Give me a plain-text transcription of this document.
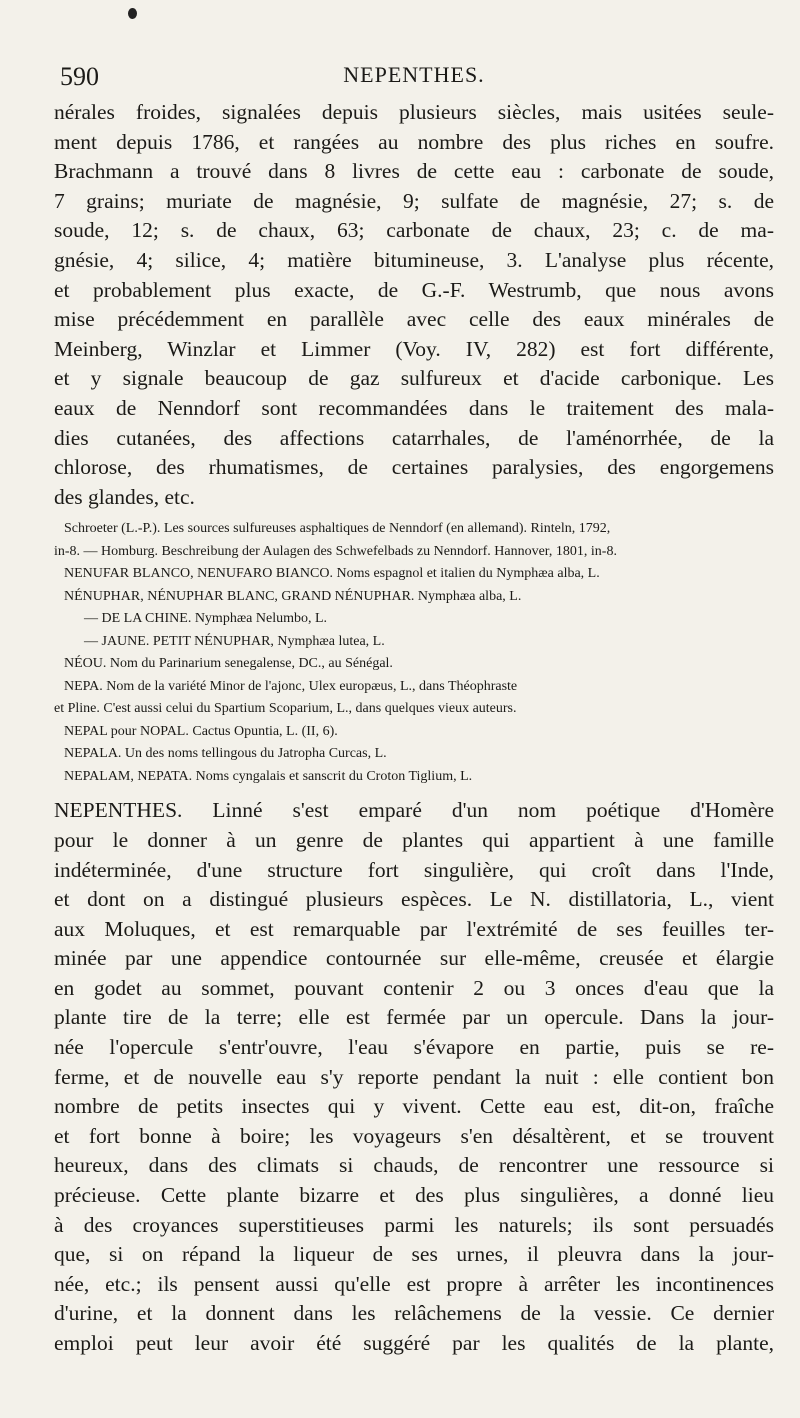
590	NEPENTHES.
nérales froides, signalées depuis plusieurs siècles, mais usitées seule-
ment depuis 1786, et rangées au nombre des plus riches en soufre.
Brachmann a trouvé dans 8 livres de cette eau : carbonate de soude,
7 grains; muriate de magnésie, 9; sulfate de magnésie, 27; s. de
soude, 12; s. de chaux, 63; carbonate de chaux, 23; c. de ma-
gnésie, 4; silice, 4; matière bitumineuse, 3. L'analyse plus récente,
et probablement plus exacte, de G.-F. Westrumb, que nous avons
mise précédemment en parallèle avec celle des eaux minérales de
Meinberg, Winzlar et Limmer (Voy. IV, 282) est fort différente,
et y signale beaucoup de gaz sulfureux et d'acide carbonique. Les
eaux de Nenndorf sont recommandées dans le traitement des mala-
dies cutanées, des affections catarrhales, de l'aménorrhée, de la
chlorose, des rhumatismes, de certaines paralysies, des engorgemens
des glandes, etc.
Schroeter (L.-P.). Les sources sulfureuses asphaltiques de Nenndorf (en allemand). Rinteln, 1792,
in-8. — Homburg. Beschreibung der Aulagen des Schwefelbads zu Nenndorf. Hannover, 1801, in-8.
NENUFAR BLANCO, NENUFARO BIANCO. Noms espagnol et italien du Nymphæa alba, L.
NÉNUPHAR, NÉNUPHAR BLANC, GRAND NÉNUPHAR. Nymphæa alba, L.
— DE LA CHINE. Nymphæa Nelumbo, L.
— JAUNE. PETIT NÉNUPHAR, Nymphæa lutea, L.
NÉOU. Nom du Parinarium senegalense, DC., au Sénégal.
NEPA. Nom de la variété Minor de l'ajonc, Ulex europæus, L., dans Théophraste
et Pline. C'est aussi celui du Spartium Scoparium, L., dans quelques vieux auteurs.
NEPAL pour NOPAL. Cactus Opuntia, L. (II, 6).
NEPALA. Un des noms tellingous du Jatropha Curcas, L.
NEPALAM, NEPATA. Noms cyngalais et sanscrit du Croton Tiglium, L.
NEPENTHES. Linné s'est emparé d'un nom poétique d'Homère
pour le donner à un genre de plantes qui appartient à une famille
indéterminée, d'une structure fort singulière, qui croît dans l'Inde,
et dont on a distingué plusieurs espèces. Le N. distillatoria, L., vient
aux Moluques, et est remarquable par l'extrémité de ses feuilles ter-
minée par une appendice contournée sur elle-même, creusée et élargie
en godet au sommet, pouvant contenir 2 ou 3 onces d'eau que la
plante tire de la terre; elle est fermée par un opercule. Dans la jour-
née l'opercule s'entr'ouvre, l'eau s'évapore en partie, puis se re-
ferme, et de nouvelle eau s'y reporte pendant la nuit : elle contient bon
nombre de petits insectes qui y vivent. Cette eau est, dit-on, fraîche
et fort bonne à boire; les voyageurs s'en désaltèrent, et se trouvent
heureux, dans des climats si chauds, de rencontrer une ressource si
précieuse. Cette plante bizarre et des plus singulières, a donné lieu
à des croyances superstitieuses parmi les naturels; ils sont persuadés
que, si on répand la liqueur de ses urnes, il pleuvra dans la jour-
née, etc.; ils pensent aussi qu'elle est propre à arrêter les incontinences
d'urine, et la donnent dans les relâchemens de la vessie. Ce dernier
emploi peut leur avoir été suggéré par les qualités de la plante,
